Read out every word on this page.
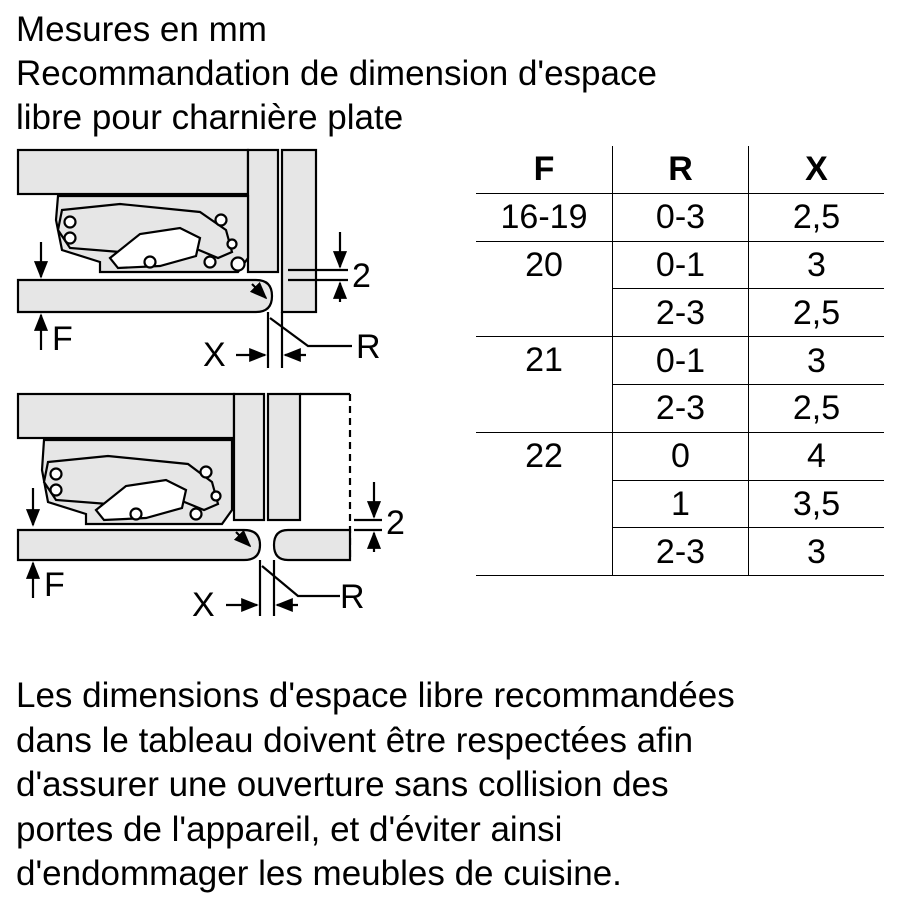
Mesures en mm
Recommandation de dimension d'espace
libre pour charnière plate
2
F	X	R
2
F
X	R
F	R	X
16-19	0-3	2,5
20	0-1	3
	2-3	2,5
21	0-1	3
	2-3	2,5
22	0	4
	1	3,5
	2-3	3
Les dimensions d'espace libre recommandées
dans le tableau doivent être respectées afin
d'assurer une ouverture sans collision des
portes de l'appareil, et d'éviter ainsi
d'endommager les meubles de cuisine.
